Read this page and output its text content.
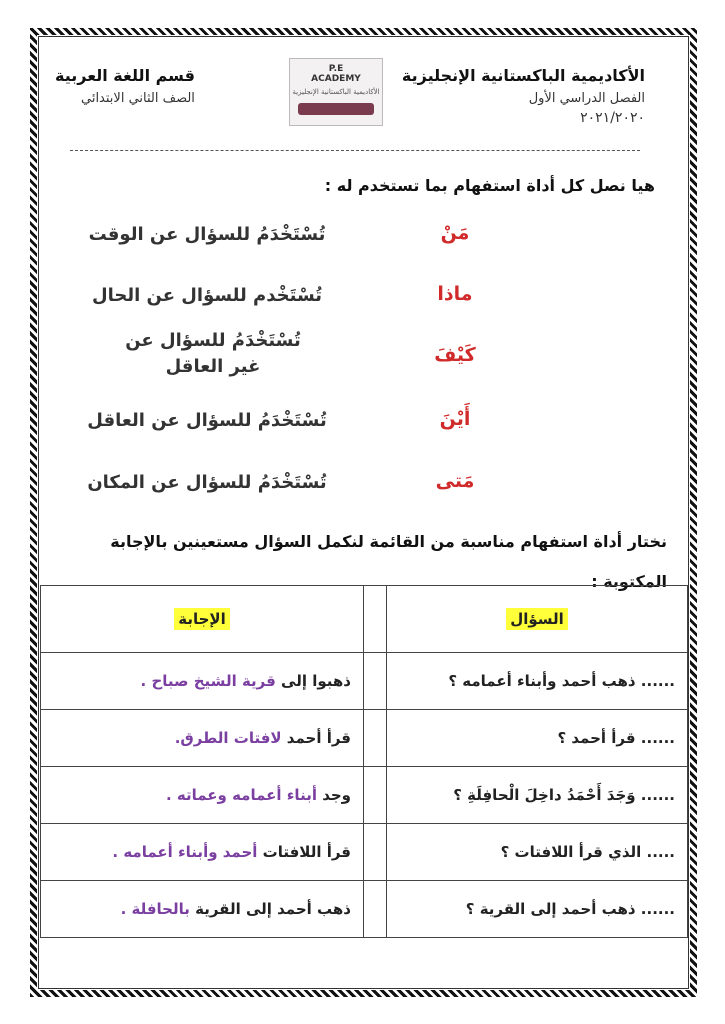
الأكاديمية الباكستانية الإنجليزية
الفصل الدراسي الأول
٢٠٢١/٢٠٢٠
P.E
ACADEMY
الأكاديمية الباكستانية الإنجليزية
قسم اللغة العربية
الصف الثاني الابتدائي
هيا نصل كل أداة استفهام بما تستخدم له :
مَنْ
ماذا
كَيْفَ
أَيْنَ
مَتى
تُسْتَخْدَمُ للسؤال عن الوقت
تُسْتَخْدم للسؤال عن الحال
تُسْتَخْدَمُ للسؤال عن غير العاقل
تُسْتَخْدَمُ للسؤال عن العاقل
تُسْتَخْدَمُ للسؤال عن المكان
نختار أداة استفهام مناسبة من القائمة لنكمل السؤال مستعينين بالإجابة المكتوبة :
السؤال		الإجابة
...... ذهب أحمد وأبناء أعمامه ؟		ذهبوا إلى قرية الشيخ صباح .
...... قرأ أحمد ؟		قرأ أحمد لافتات الطرق.
...... وَجَدَ أَحْمَدُ داخِلَ الْحافِلَةِ ؟		وجد أبناء أعمامه وعماته .
..... الذي قرأ اللافتات ؟		قرأ اللافتات أحمد وأبناء أعمامه .
...... ذهب أحمد إلى القرية ؟		ذهب أحمد إلى القرية بالحافلة .
